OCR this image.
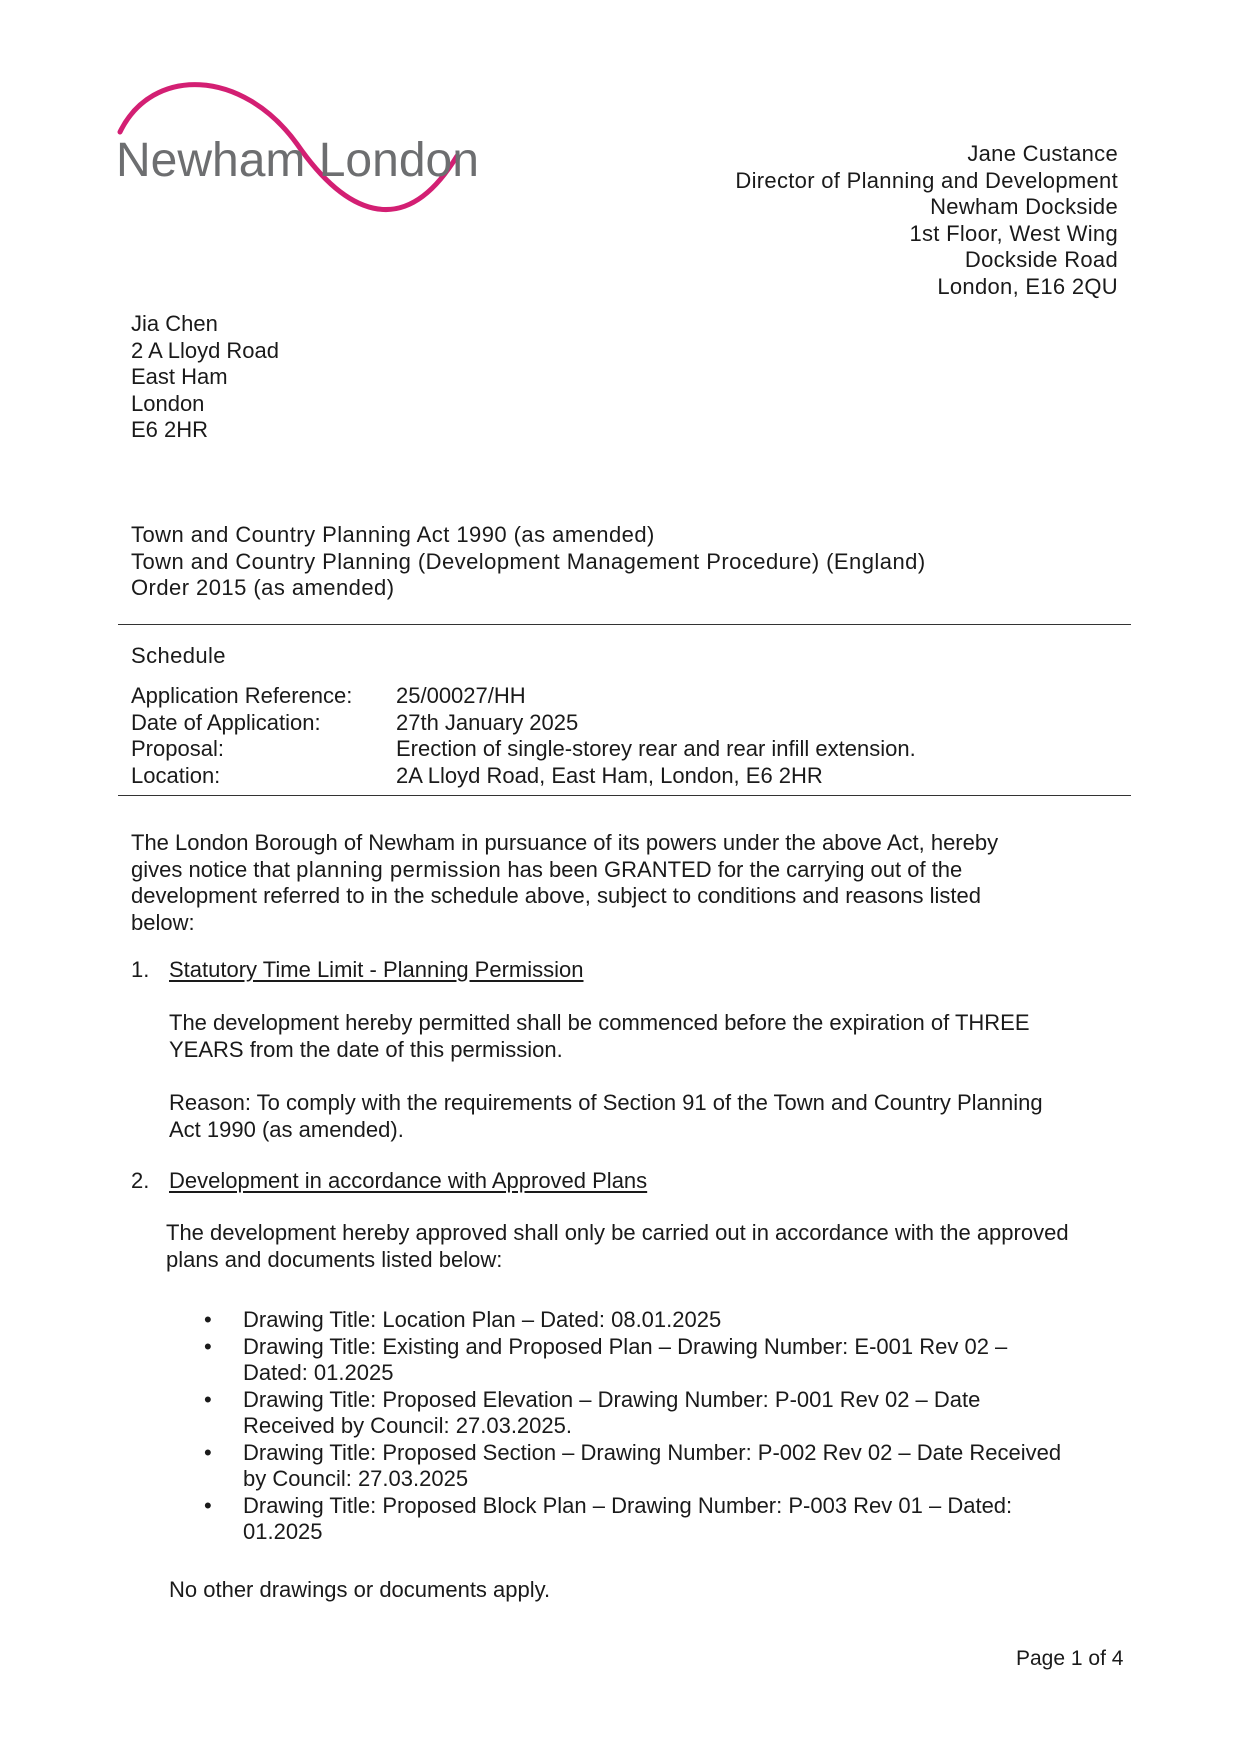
Newham London	Jane Custance
Director of Planning and Development
Newham Dockside
1st Floor, West Wing
Dockside Road
London, E16 2QU
Jia Chen
2 A Lloyd Road
East Ham
London
E6 2HR
Town and Country Planning Act 1990 (as amended)
Town and Country Planning (Development Management Procedure) (England)
Order 2015 (as amended)
Schedule
Application Reference:	25/00027/HH
Date of Application:	27th January 2025
Proposal:	Erection of single-storey rear and rear infill extension.
Location:	2A Lloyd Road, East Ham, London, E6 2HR
The London Borough of Newham in pursuance of its powers under the above Act, hereby
gives notice that planning permission has been GRANTED for the carrying out of the
development referred to in the schedule above, subject to conditions and reasons listed
below:
1. Statutory Time Limit - Planning Permission
The development hereby permitted shall be commenced before the expiration of THREE
YEARS from the date of this permission.
Reason: To comply with the requirements of Section 91 of the Town and Country Planning
Act 1990 (as amended).
2. Development in accordance with Approved Plans
The development hereby approved shall only be carried out in accordance with the approved
plans and documents listed below:
• Drawing Title: Location Plan – Dated: 08.01.2025
• Drawing Title: Existing and Proposed Plan – Drawing Number: E-001 Rev 02 –
Dated: 01.2025
• Drawing Title: Proposed Elevation – Drawing Number: P-001 Rev 02 – Date
Received by Council: 27.03.2025.
• Drawing Title: Proposed Section – Drawing Number: P-002 Rev 02 – Date Received
by Council: 27.03.2025
• Drawing Title: Proposed Block Plan – Drawing Number: P-003 Rev 01 – Dated:
01.2025
No other drawings or documents apply.
Page 1 of 4
